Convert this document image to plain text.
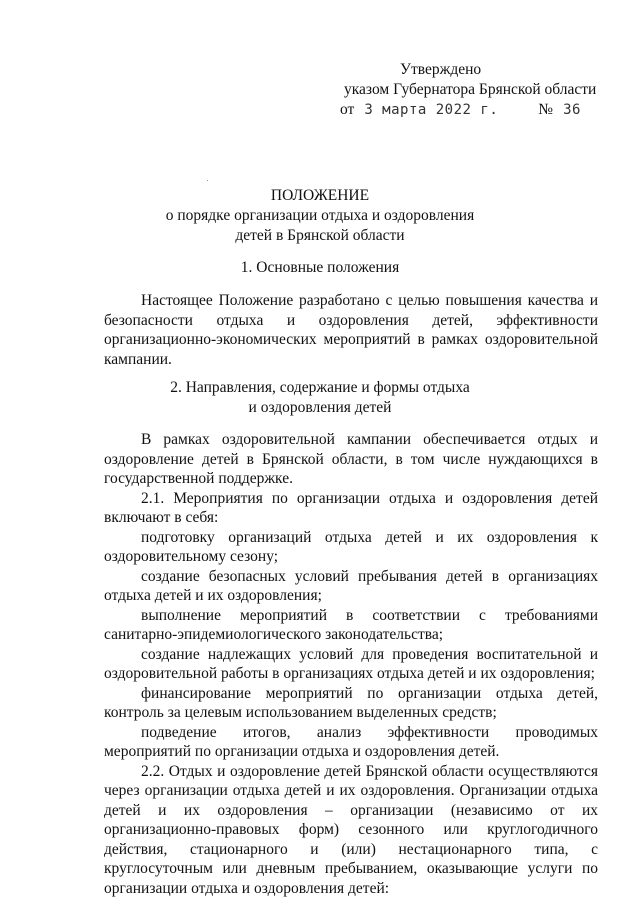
Утверждено
указом Губернатора Брянской области
от 3 марта 2022 г.	№ 36
ПОЛОЖЕНИЕ
о порядке организации отдыха и оздоровления
детей в Брянской области
1. Основные положения

Настоящее Положение разработано с целью повышения качества и безопасности отдыха и оздоровления детей, эффективности организационно-экономических мероприятий в рамках оздоровительной кампании.

2. Направления, содержание и формы отдыха
и оздоровления детей

В рамках оздоровительной кампании обеспечивается отдых и оздоровление детей в Брянской области, в том числе нуждающихся в государственной поддержке.

2.1. Мероприятия по организации отдыха и оздоровления детей включают в себя:

подготовку организаций отдыха детей и их оздоровления к оздоровительному сезону;

создание безопасных условий пребывания детей в организациях отдыха детей и их оздоровления;

выполнение мероприятий в соответствии с требованиями санитарно-эпидемиологического законодательства;

создание надлежащих условий для проведения воспитательной и оздоровительной работы в организациях отдыха детей и их оздоровления;

финансирование мероприятий по организации отдыха детей, контроль за целевым использованием выделенных средств;

подведение итогов, анализ эффективности проводимых мероприятий по организации отдыха и оздоровления детей.

2.2. Отдых и оздоровление детей Брянской области осуществляются через организации отдыха детей и их оздоровления. Организации отдыха детей и их оздоровления – организации (независимо от их организационно-правовых форм) сезонного или круглогодичного действия, стационарного и (или) нестационарного типа, с круглосуточным или дневным пребыванием, оказывающие услуги по организации отдыха и оздоровления детей:
